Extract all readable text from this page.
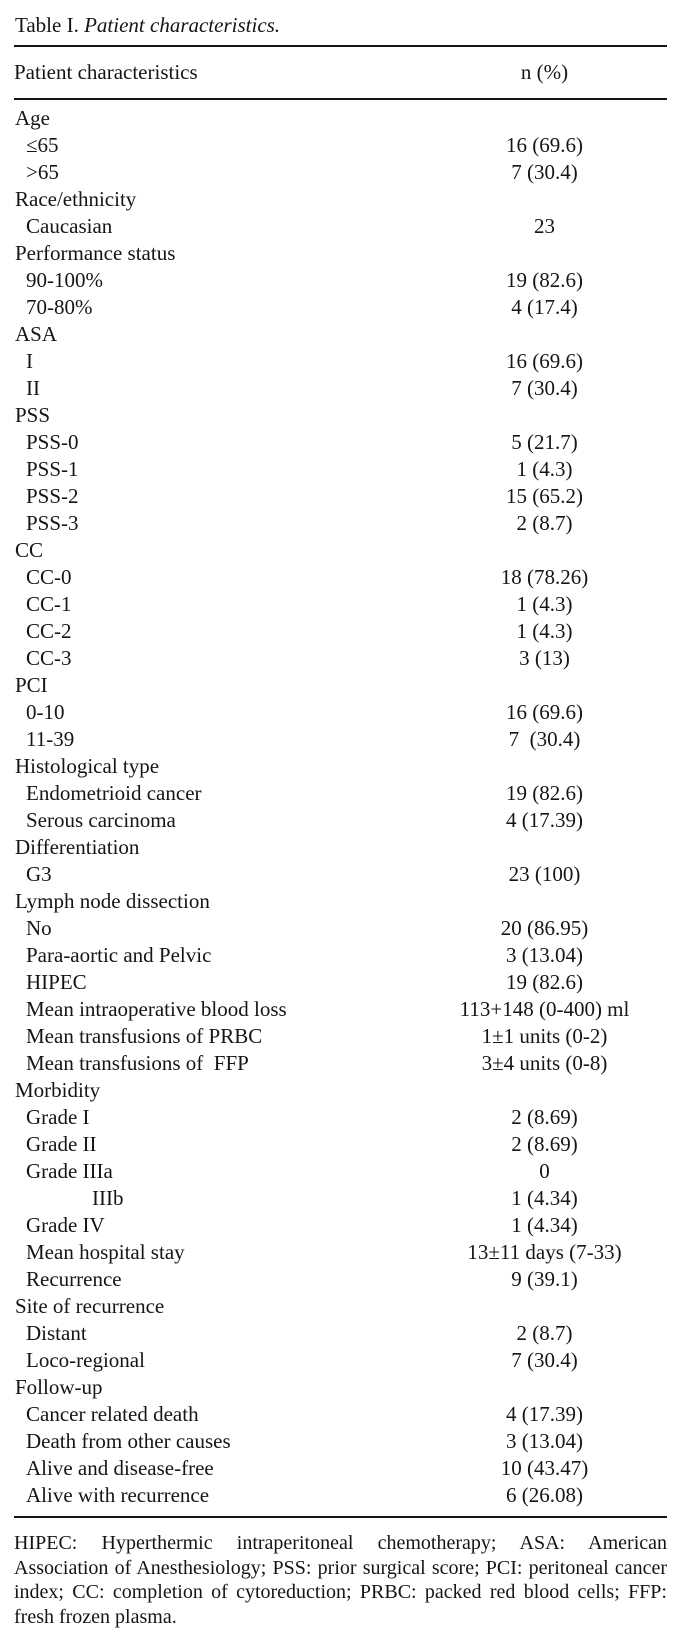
Table I. Patient characteristics.
Patient characteristics	n (%)
Age
≤65	16 (69.6)
>65	7 (30.4)
Race/ethnicity
Caucasian	23
Performance status
90-100%	19 (82.6)
70-80%	4 (17.4)
ASA
I	16 (69.6)
II	7 (30.4)
PSS
PSS-0	5 (21.7)
PSS-1	1 (4.3)
PSS-2	15 (65.2)
PSS-3	2 (8.7)
CC
CC-0	18 (78.26)
CC-1	1 (4.3)
CC-2	1 (4.3)
CC-3	3 (13)
PCI
0-10	16 (69.6)
11-39	7  (30.4)
Histological type
Endometrioid cancer	19 (82.6)
Serous carcinoma	4 (17.39)
Differentiation
G3	23 (100)
Lymph node dissection
No	20 (86.95)
Para-aortic and Pelvic	3 (13.04)
HIPEC	19 (82.6)
Mean intraoperative blood loss	113+148 (0-400) ml
Mean transfusions of PRBC	1±1 units (0-2)
Mean transfusions of  FFP	3±4 units (0-8)
Morbidity
Grade I	2 (8.69)
Grade II	2 (8.69)
Grade IIIa	0
IIIb	1 (4.34)
Grade IV	1 (4.34)
Mean hospital stay	13±11 days (7-33)
Recurrence	9 (39.1)
Site of recurrence
Distant	2 (8.7)
Loco-regional	7 (30.4)
Follow-up
Cancer related death	4 (17.39)
Death from other causes	3 (13.04)
Alive and disease-free	10 (43.47)
Alive with recurrence	6 (26.08)

HIPEC: Hyperthermic intraperitoneal chemotherapy; ASA: American Association of Anesthesiology; PSS: prior surgical score; PCI: peritoneal cancer index; CC: completion of cytoreduction; PRBC: packed red blood cells; FFP: fresh frozen plasma.
